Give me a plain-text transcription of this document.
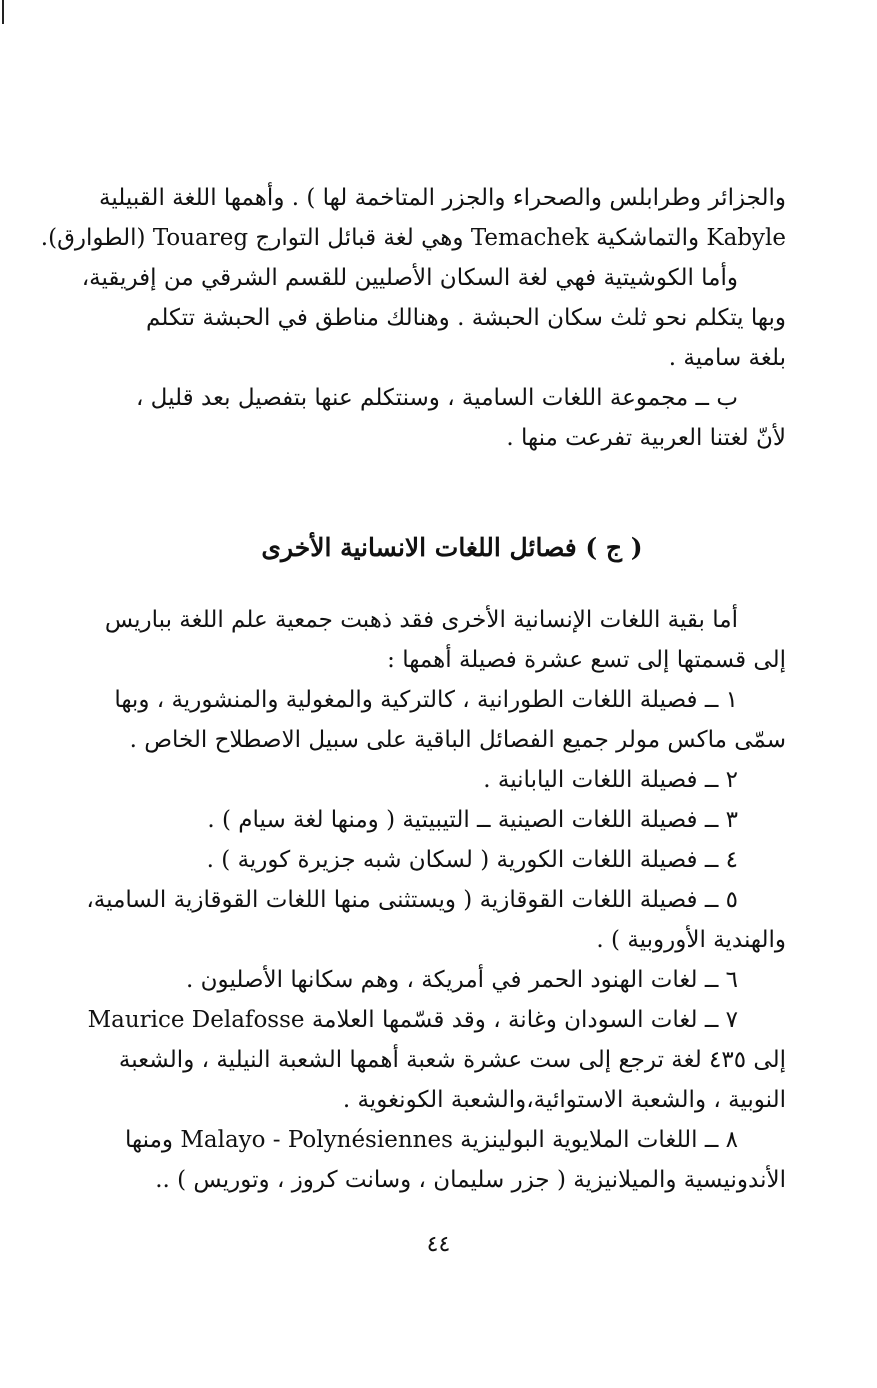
والجزائر وطرابلس والصحراء والجزر المتاخمة لها ) . وأهمها اللغة القبيلية
Kabyle والتماشكية Temachek وهي لغة قبائل التوارج Touareg (الطوارق).
وأما الكوشيتية فهي لغة السكان الأصليين للقسم الشرقي من إفريقية،
وبها يتكلم نحو ثلث سكان الحبشة . وهنالك مناطق في الحبشة تتكلم
بلغة سامية .
ب ــ مجموعة اللغات السامية ، وسنتكلم عنها بتفصيل بعد قليل ،
لأنّ لغتنا العربية تفرعت منها .
( ج ) فصائل اللغات الانسانية الأخرى
أما بقية اللغات الإنسانية الأخرى فقد ذهبت جمعية علم اللغة بباريس
إلى قسمتها إلى تسع عشرة فصيلة أهمها :
١ ــ فصيلة اللغات الطورانية ، كالتركية والمغولية والمنشورية ، وبها
سمّى ماكس مولر جميع الفصائل الباقية على سبيل الاصطلاح الخاص .
٢ ــ فصيلة اللغات اليابانية .
٣ ــ فصيلة اللغات الصينية ــ التيبيتية ( ومنها لغة سيام ) .
٤ ــ فصيلة اللغات الكورية ( لسكان شبه جزيرة كورية ) .
٥ ــ فصيلة اللغات القوقازية ( ويستثنى منها اللغات القوقازية السامية،
والهندية الأوروبية ) .
٦ ــ لغات الهنود الحمر في أمريكة ، وهم سكانها الأصليون .
٧ ــ لغات السودان وغانة ، وقد قسّمها العلامة Maurice Delafosse
إلى ٤٣٥ لغة ترجع إلى ست عشرة شعبة أهمها الشعبة النيلية ، والشعبة
النوبية ، والشعبة الاستوائية،والشعبة الكونغوية .
٨ ــ اللغات الملايوية البولينزية Malayo - Polynésiennes ومنها
الأندونيسية والميلانيزية ( جزر سليمان ، وسانت كروز ، وتوريس ) ..
٤٤
